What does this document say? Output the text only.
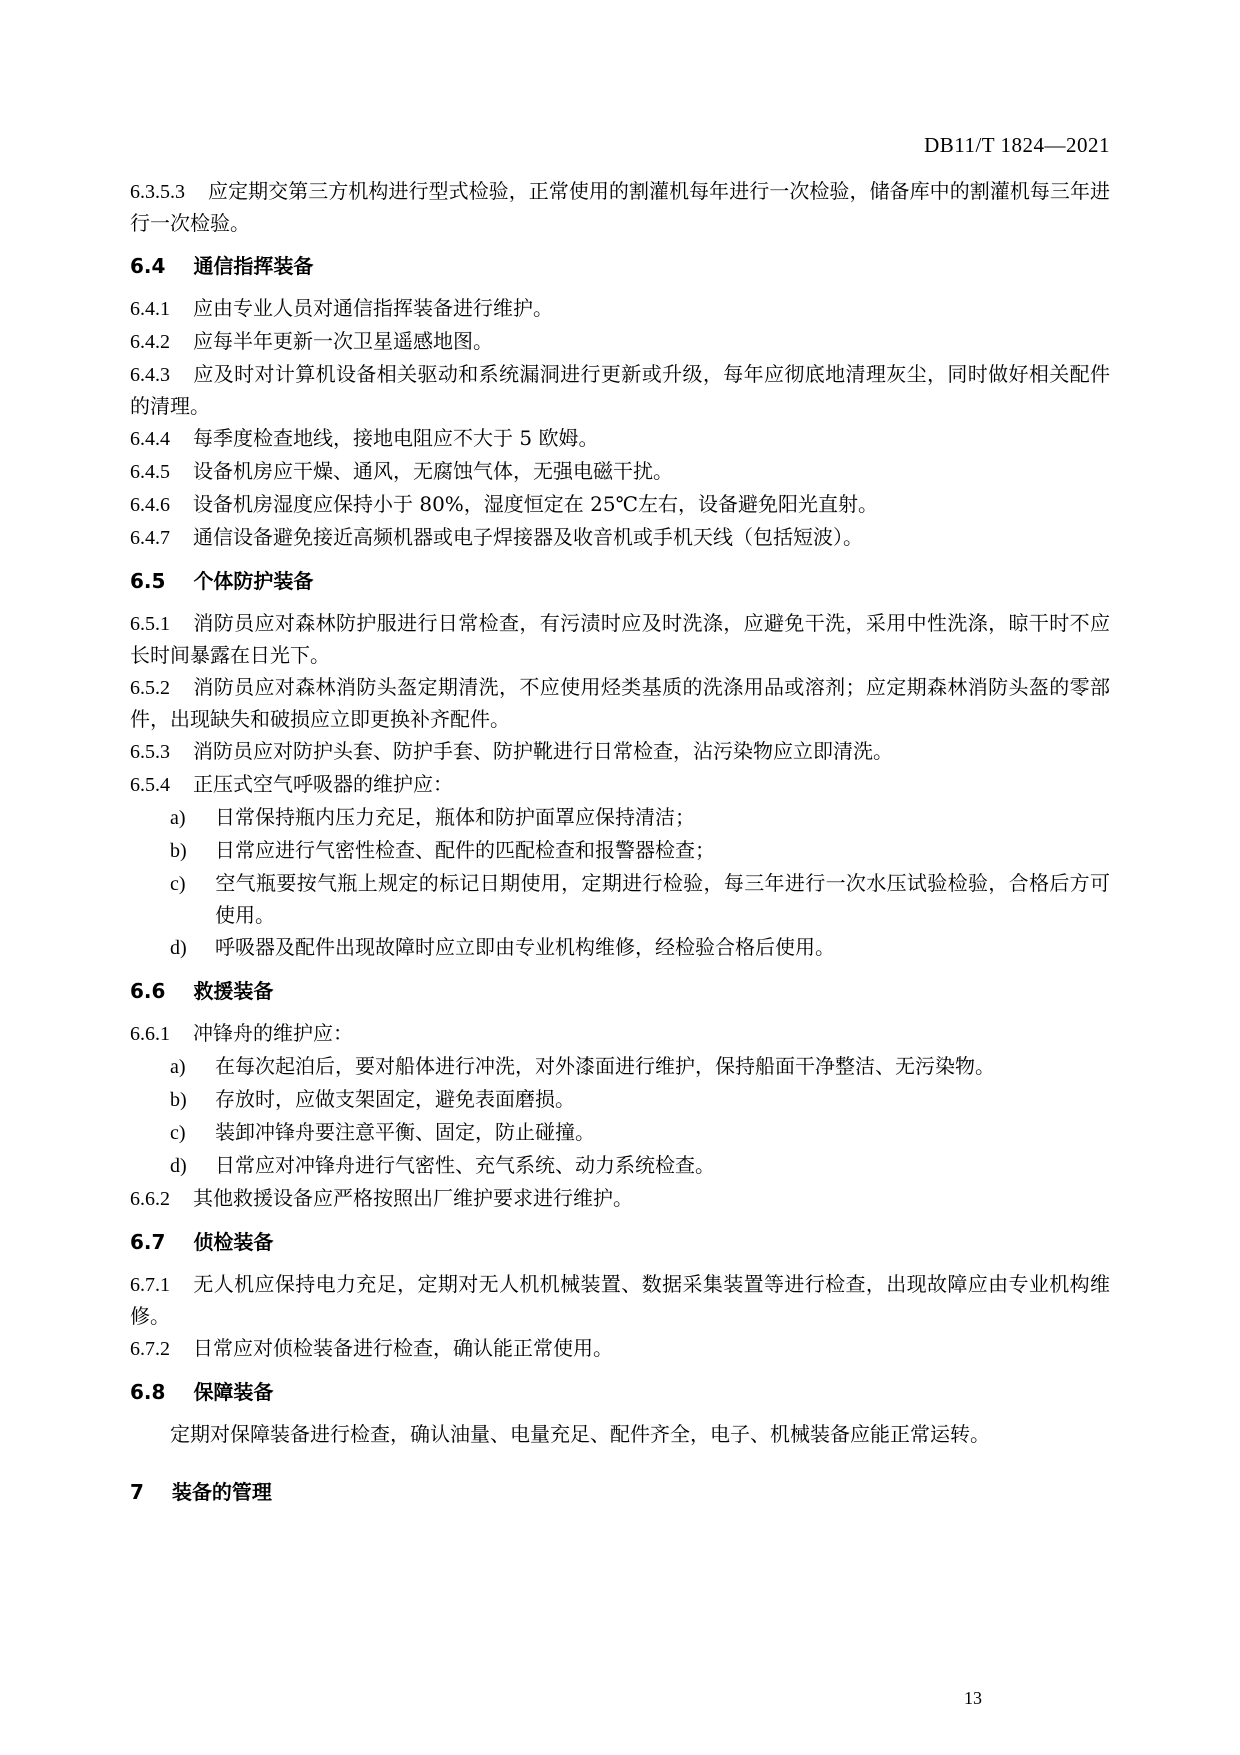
DB11/T 1824—2021
6.3.5.3 应定期交第三方机构进行型式检验，正常使用的割灌机每年进行一次检验，储备库中的割灌机每三年进行一次检验。
6.4 通信指挥装备
6.4.1 应由专业人员对通信指挥装备进行维护。
6.4.2 应每半年更新一次卫星遥感地图。
6.4.3 应及时对计算机设备相关驱动和系统漏洞进行更新或升级，每年应彻底地清理灰尘，同时做好相关配件的清理。
6.4.4 每季度检查地线，接地电阻应不大于 5 欧姆。
6.4.5 设备机房应干燥、通风，无腐蚀气体，无强电磁干扰。
6.4.6 设备机房湿度应保持小于 80%，湿度恒定在 25℃左右，设备避免阳光直射。
6.4.7 通信设备避免接近高频机器或电子焊接器及收音机或手机天线（包括短波）。
6.5 个体防护装备
6.5.1 消防员应对森林防护服进行日常检查，有污渍时应及时洗涤，应避免干洗，采用中性洗涤，晾干时不应长时间暴露在日光下。
6.5.2 消防员应对森林消防头盔定期清洗，不应使用烃类基质的洗涤用品或溶剂；应定期森林消防头盔的零部件，出现缺失和破损应立即更换补齐配件。
6.5.3 消防员应对防护头套、防护手套、防护靴进行日常检查，沾污染物应立即清洗。
6.5.4 正压式空气呼吸器的维护应：
a) 日常保持瓶内压力充足，瓶体和防护面罩应保持清洁；
b) 日常应进行气密性检查、配件的匹配检查和报警器检查；
c) 空气瓶要按气瓶上规定的标记日期使用，定期进行检验，每三年进行一次水压试验检验，合格后方可使用。
d) 呼吸器及配件出现故障时应立即由专业机构维修，经检验合格后使用。
6.6 救援装备
6.6.1 冲锋舟的维护应：
a) 在每次起泊后，要对船体进行冲洗，对外漆面进行维护，保持船面干净整洁、无污染物。
b) 存放时，应做支架固定，避免表面磨损。
c) 装卸冲锋舟要注意平衡、固定，防止碰撞。
d) 日常应对冲锋舟进行气密性、充气系统、动力系统检查。
6.6.2 其他救援设备应严格按照出厂维护要求进行维护。
6.7 侦检装备
6.7.1 无人机应保持电力充足，定期对无人机机械装置、数据采集装置等进行检查，出现故障应由专业机构维修。
6.7.2 日常应对侦检装备进行检查，确认能正常使用。
6.8 保障装备
定期对保障装备进行检查，确认油量、电量充足、配件齐全，电子、机械装备应能正常运转。
7 装备的管理
13
